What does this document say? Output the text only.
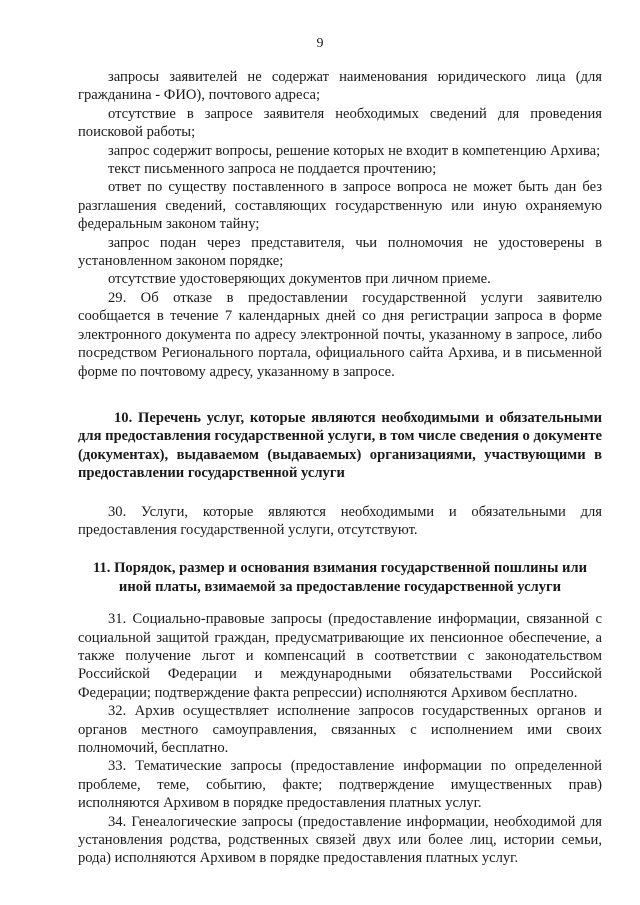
9

запросы заявителей не содержат наименования юридического лица (для гражданина - ФИО), почтового адреса;

отсутствие в запросе заявителя необходимых сведений для проведения поисковой работы;

запрос содержит вопросы, решение которых не входит в компетенцию Архива;

текст письменного запроса не поддается прочтению;

ответ по существу поставленного в запросе вопроса не может быть дан без разглашения сведений, составляющих государственную или иную охраняемую федеральным законом тайну;

запрос подан через представителя, чьи полномочия не удостоверены в установленном законом порядке;

отсутствие удостоверяющих документов при личном приеме.

29. Об отказе в предоставлении государственной услуги заявителю сообщается в течение 7 календарных дней со дня регистрации запроса в форме электронного документа по адресу электронной почты, указанному в запросе, либо посредством Регионального портала, официального сайта Архива, и в письменной форме по почтовому адресу, указанному в запросе.

10. Перечень услуг, которые являются необходимыми и обязательными для предоставления государственной услуги, в том числе сведения о документе (документах), выдаваемом (выдаваемых) организациями, участвующими в предоставлении государственной услуги

30. Услуги, которые являются необходимыми и обязательными для предоставления государственной услуги, отсутствуют.

11. Порядок, размер и основания взимания государственной пошлины или иной платы, взимаемой за предоставление государственной услуги

31. Социально-правовые запросы (предоставление информации, связанной с социальной защитой граждан, предусматривающие их пенсионное обеспечение, а также получение льгот и компенсаций в соответствии с законодательством Российской Федерации и международными обязательствами Российской Федерации; подтверждение факта репрессии) исполняются Архивом бесплатно.

32. Архив осуществляет исполнение запросов государственных органов и органов местного самоуправления, связанных с исполнением ими своих полномочий, бесплатно.

33. Тематические запросы (предоставление информации по определенной проблеме, теме, событию, факте; подтверждение имущественных прав) исполняются Архивом в порядке предоставления платных услуг.

34. Генеалогические запросы (предоставление информации, необходимой для установления родства, родственных связей двух или более лиц, истории семьи, рода) исполняются Архивом в порядке предоставления платных услуг.
